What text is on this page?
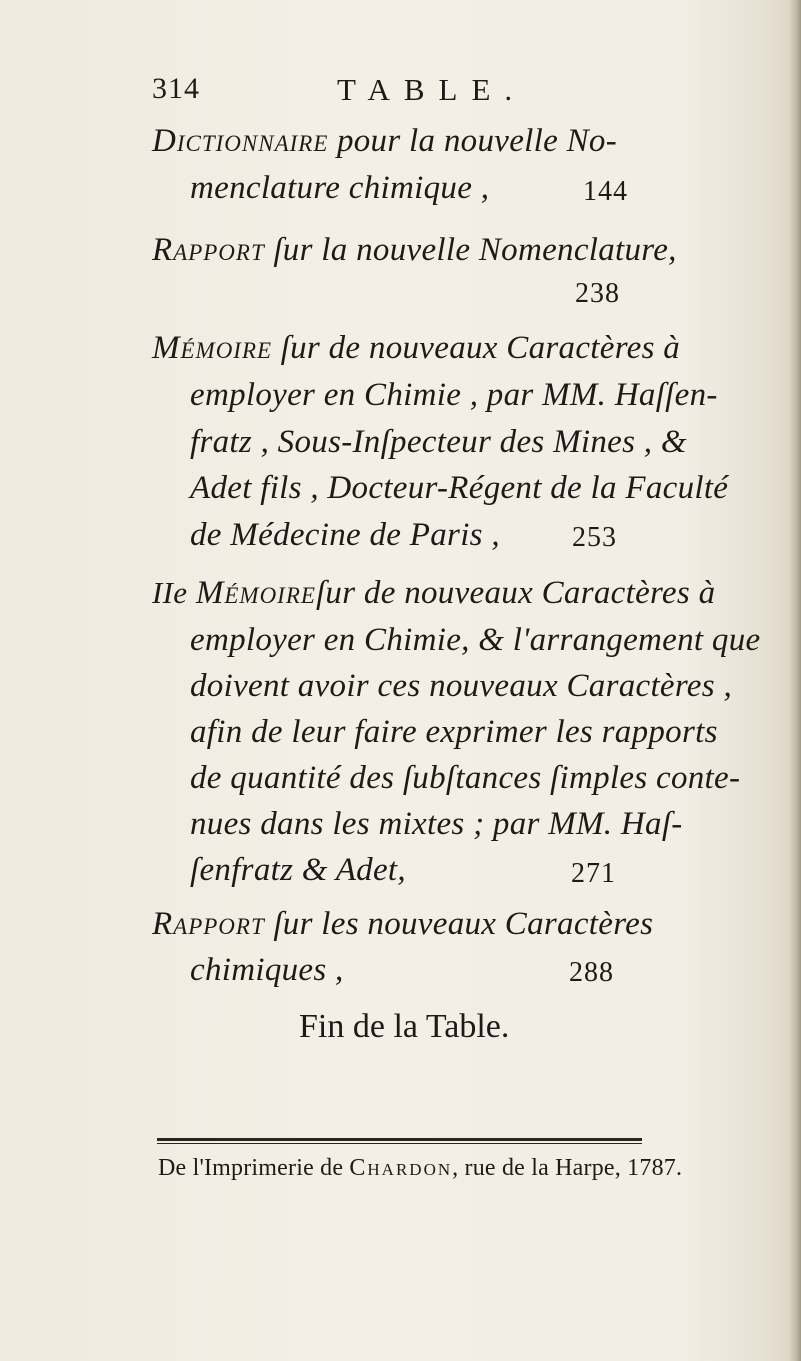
314	TABLE.
Dictionnaire pour la nouvelle No-
menclature chimique ,	144
Rapport ſur la nouvelle Nomenclature,
238
Mémoire ſur de nouveaux Caractères à
employer en Chimie , par MM. Haſſen-
fratz , Sous-Inſpecteur des Mines , &
Adet fils , Docteur-Régent de la Faculté
de Médecine de Paris ,	253
IIe Mémoireſur de nouveaux Caractères à
employer en Chimie, & l'arrangement que
doivent avoir ces nouveaux Caractères ,
afin de leur faire exprimer les rapports
de quantité des ſubſtances ſimples conte-
nues dans les mixtes ; par MM. Haſ-
ſenfratz & Adet,	271
Rapport ſur les nouveaux Caractères
chimiques ,	288
Fin de la Table.
De l'Imprimerie de Chardon, rue de la Harpe, 1787.
